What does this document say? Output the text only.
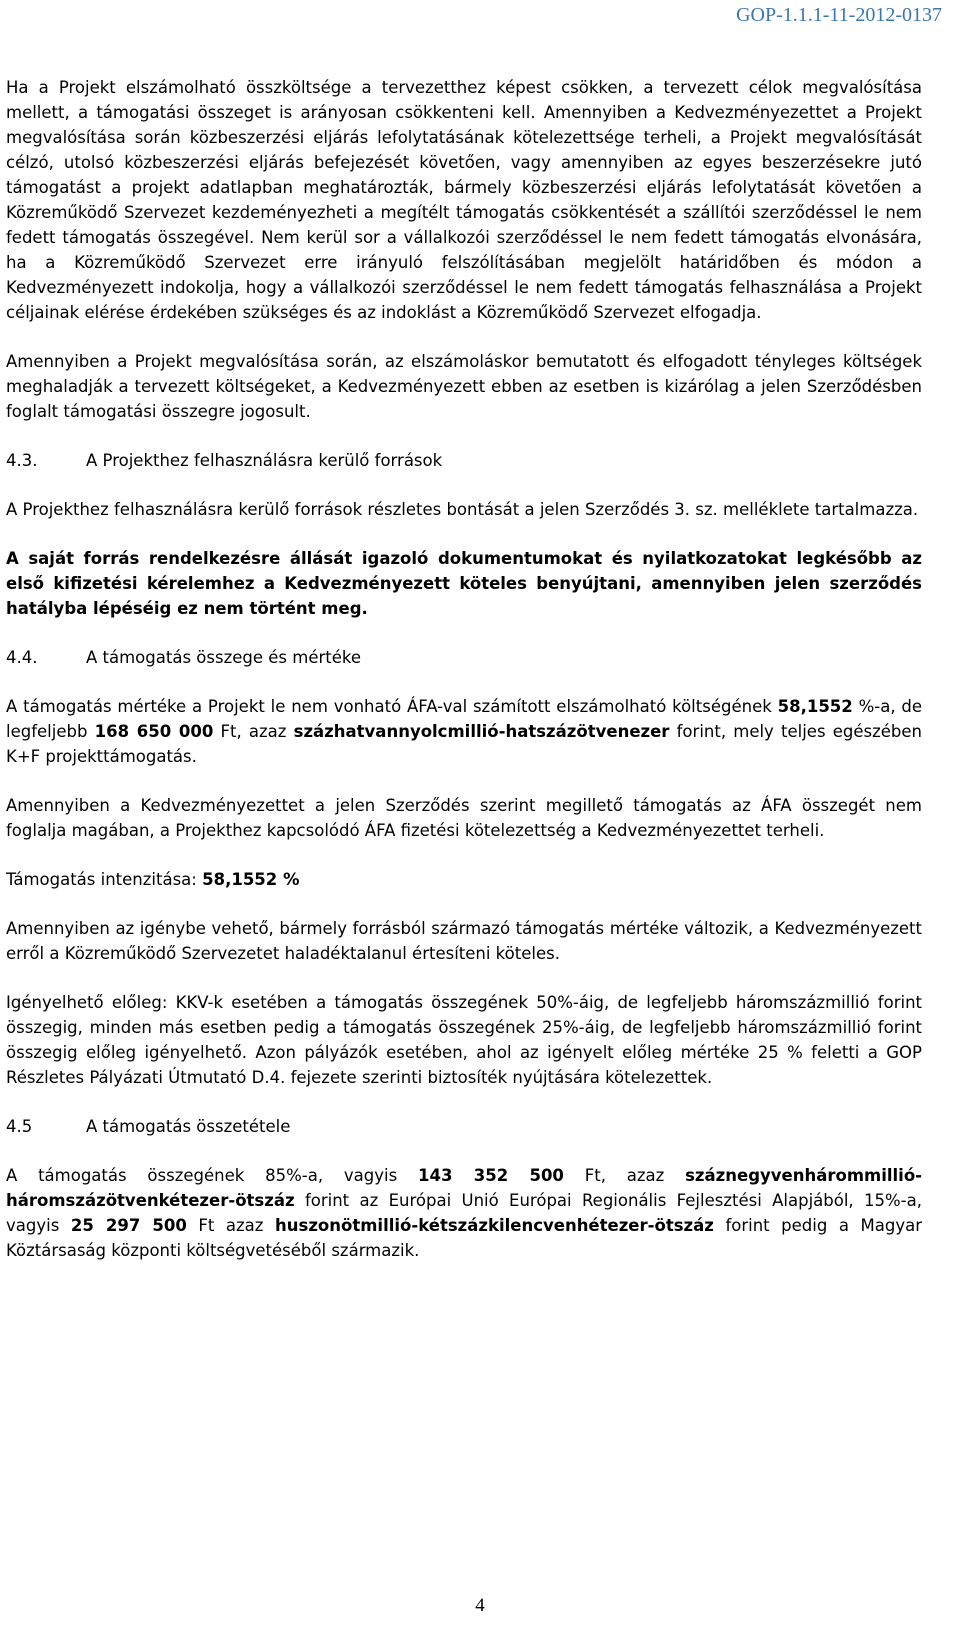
GOP-1.1.1-11-2012-0137

Ha a Projekt elszámolható összköltsége a tervezetthez képest csökken, a tervezett célok megvalósítása mellett, a támogatási összeget is arányosan csökkenteni kell. Amennyiben a Kedvezményezettet a Projekt megvalósítása során közbeszerzési eljárás lefolytatásának kötelezettsége terheli, a Projekt megvalósítását célzó, utolsó közbeszerzési eljárás befejezését követően, vagy amennyiben az egyes beszerzésekre jutó támogatást a projekt adatlapban meghatározták, bármely közbeszerzési eljárás lefolytatását követően a Közreműködő Szervezet kezdeményezheti a megítélt támogatás csökkentését a szállítói szerződéssel le nem fedett támogatás összegével. Nem kerül sor a vállalkozói szerződéssel le nem fedett támogatás elvonására, ha a Közreműködő Szervezet erre irányuló felszólításában megjelölt határidőben és módon a Kedvezményezett indokolja, hogy a vállalkozói szerződéssel le nem fedett támogatás felhasználása a Projekt céljainak elérése érdekében szükséges és az indoklást a Közreműködő Szervezet elfogadja.

Amennyiben a Projekt megvalósítása során, az elszámoláskor bemutatott és elfogadott tényleges költségek meghaladják a tervezett költségeket, a Kedvezményezett ebben az esetben is kizárólag a jelen Szerződésben foglalt támogatási összegre jogosult.

4.3.	A Projekthez felhasználásra kerülő források

A Projekthez felhasználásra kerülő források részletes bontását a jelen Szerződés 3. sz. melléklete tartalmazza.

A saját forrás rendelkezésre állását igazoló dokumentumokat és nyilatkozatokat legkésőbb az első kifizetési kérelemhez a Kedvezményezett köteles benyújtani, amennyiben jelen szerződés hatályba lépéséig ez nem történt meg.

4.4.	A támogatás összege és mértéke

A támogatás mértéke a Projekt le nem vonható ÁFA-val számított elszámolható költségének 58,1552 %-a, de legfeljebb 168 650 000 Ft, azaz százhatvannyolcmillió-hatszázötvenezer forint, mely teljes egészében K+F projekttámogatás.

Amennyiben a Kedvezményezettet a jelen Szerződés szerint megillető támogatás az ÁFA összegét nem foglalja magában, a Projekthez kapcsolódó ÁFA fizetési kötelezettség a Kedvezményezettet terheli.

Támogatás intenzitása: 58,1552 %

Amennyiben az igénybe vehető, bármely forrásból származó támogatás mértéke változik, a Kedvezményezett erről a Közreműködő Szervezetet haladéktalanul értesíteni köteles.

Igényelhető előleg: KKV-k esetében a támogatás összegének 50%-áig, de legfeljebb háromszázmillió forint összegig, minden más esetben pedig a támogatás összegének 25%-áig, de legfeljebb háromszázmillió forint összegig előleg igényelhető. Azon pályázók esetében, ahol az igényelt előleg mértéke 25 % feletti a GOP Részletes Pályázati Útmutató D.4. fejezete szerinti biztosíték nyújtására kötelezettek.

4.5	A támogatás összetétele

A támogatás összegének 85%-a, vagyis 143 352 500 Ft, azaz száznegyvenhárommillió-háromszázötvenkétezer-ötszáz forint az Európai Unió Európai Regionális Fejlesztési Alapjából, 15%-a, vagyis 25 297 500 Ft azaz huszonötmillió-kétszázkilencvenhétezer-ötszáz forint pedig a Magyar Köztársaság központi költségvetéséből származik.

4
